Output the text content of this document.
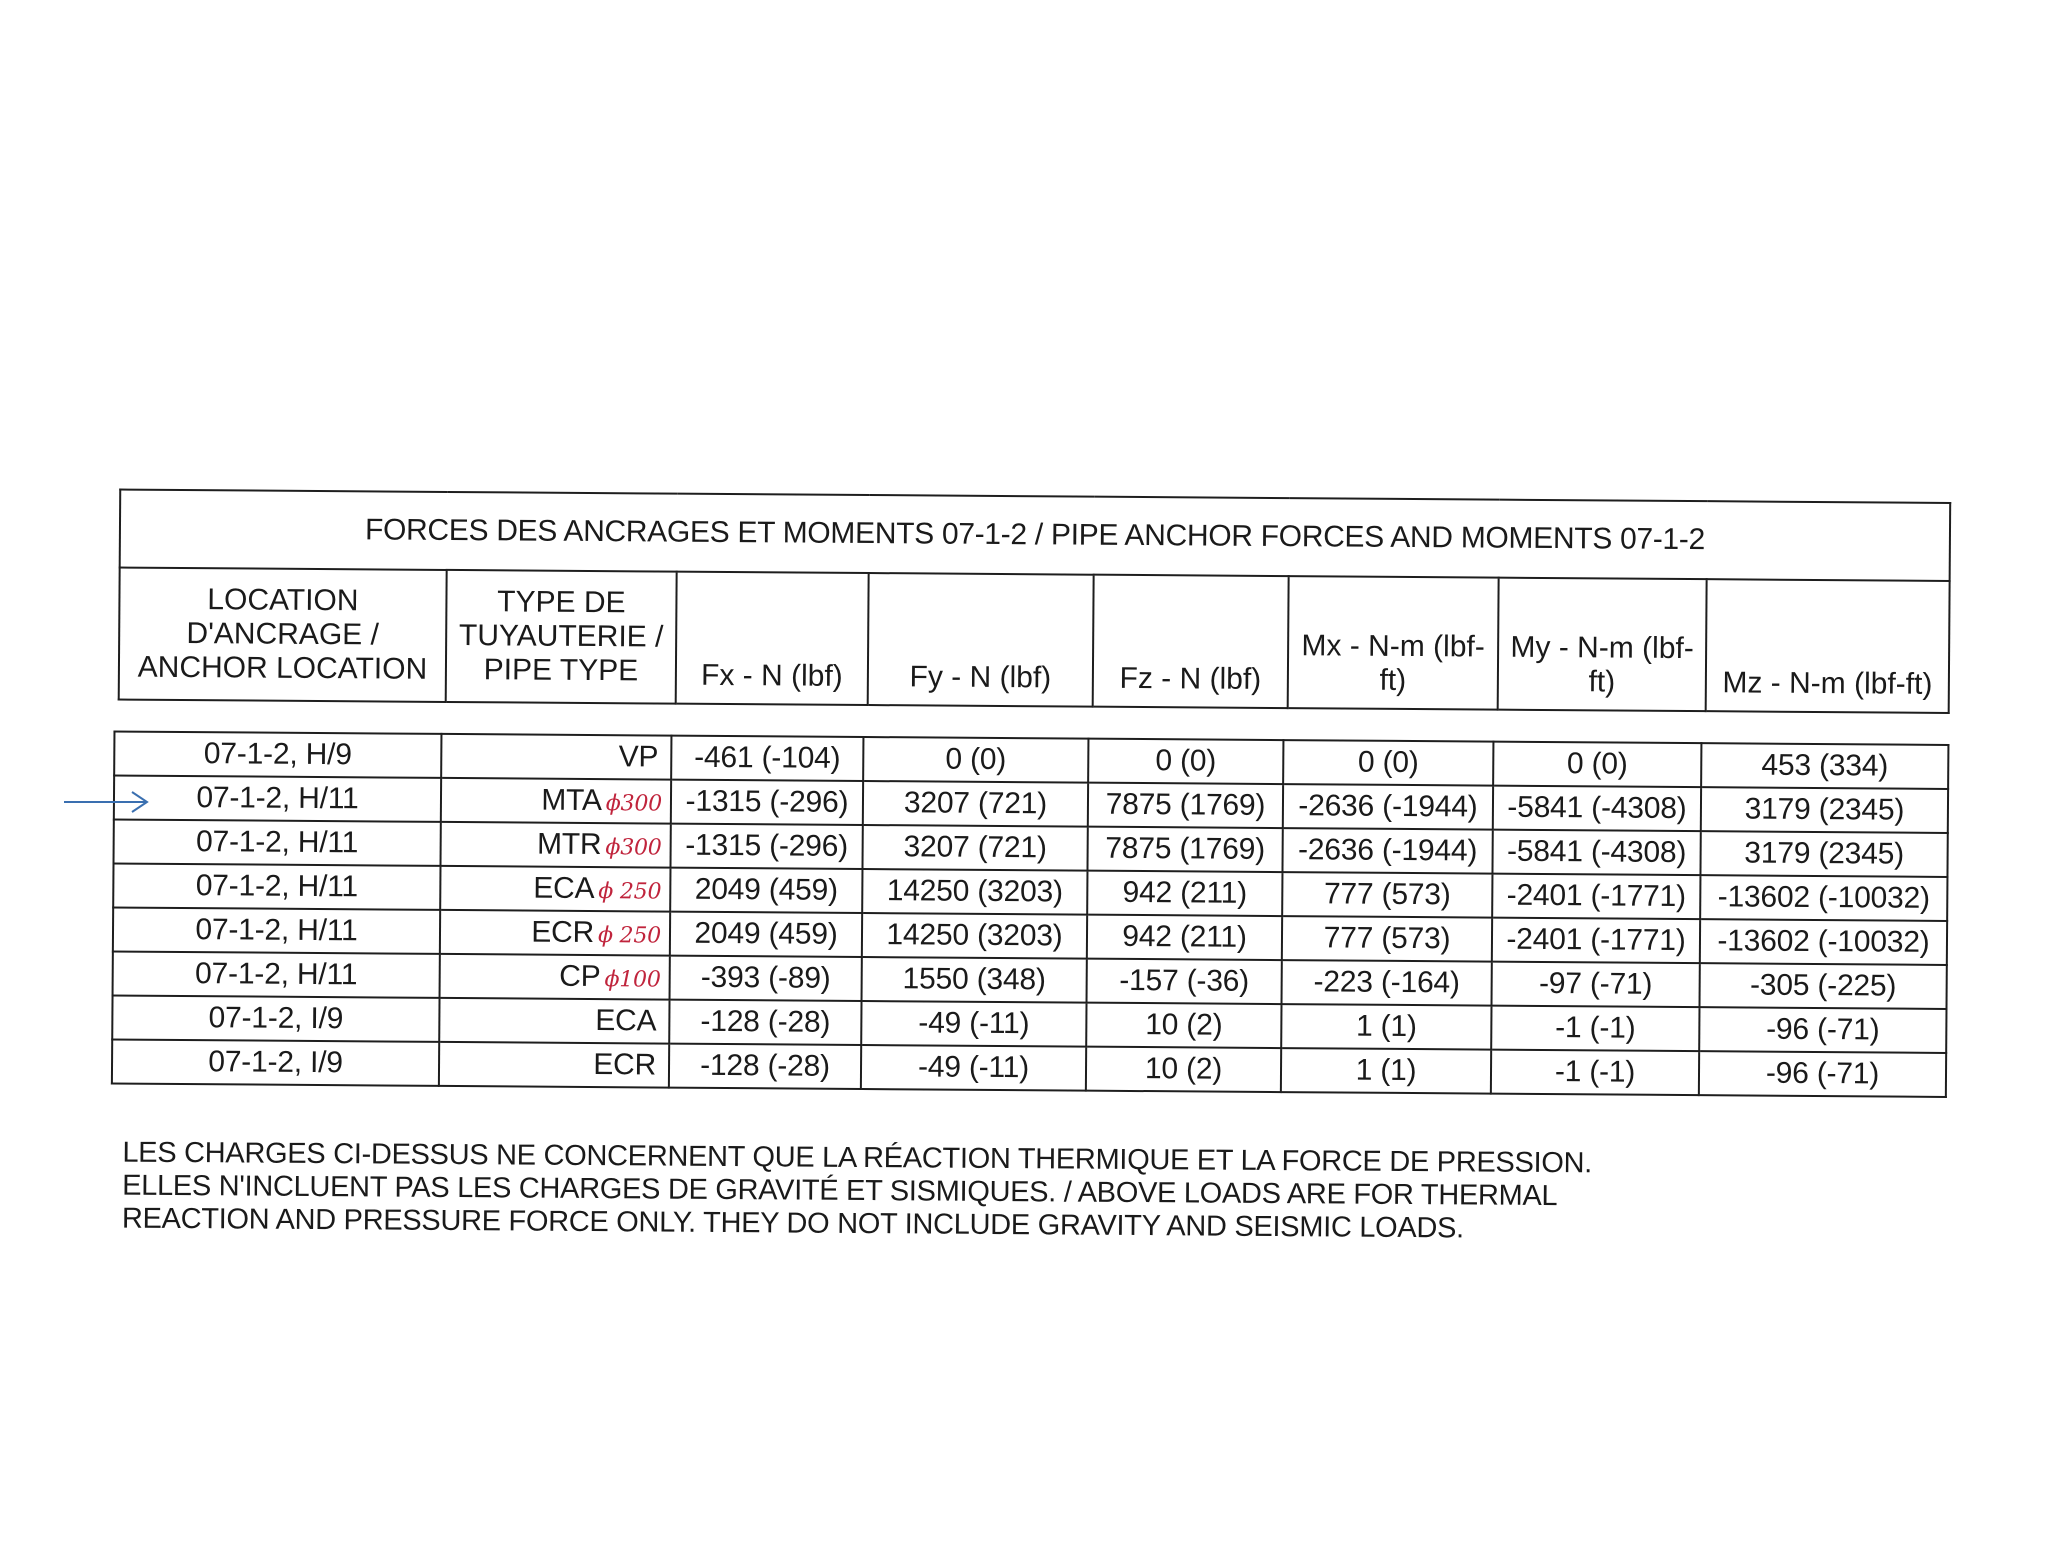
FORCES DES ANCRAGES ET MOMENTS 07-1-2 / PIPE ANCHOR FORCES AND MOMENTS 07-1-2
LOCATION D'ANCRAGE / ANCHOR LOCATION	TYPE DE TUYAUTERIE / PIPE TYPE	Fx - N (lbf)	Fy - N (lbf)	Fz - N (lbf)	Mx - N-m (lbf-ft)	My - N-m (lbf-ft)	Mz - N-m (lbf-ft)
07-1-2, H/9	VP	-461 (-104)	0 (0)	0 (0)	0 (0)	0 (0)	453 (334)
07-1-2, H/11	MTA ϕ300	-1315 (-296)	3207 (721)	7875 (1769)	-2636 (-1944)	-5841 (-4308)	3179 (2345)
07-1-2, H/11	MTR ϕ300	-1315 (-296)	3207 (721)	7875 (1769)	-2636 (-1944)	-5841 (-4308)	3179 (2345)
07-1-2, H/11	ECA ϕ 250	2049 (459)	14250 (3203)	942 (211)	777 (573)	-2401 (-1771)	-13602 (-10032)
07-1-2, H/11	ECR ϕ 250	2049 (459)	14250 (3203)	942 (211)	777 (573)	-2401 (-1771)	-13602 (-10032)
07-1-2, H/11	CP ϕ100	-393 (-89)	1550 (348)	-157 (-36)	-223 (-164)	-97 (-71)	-305 (-225)
07-1-2, I/9	ECA	-128 (-28)	-49 (-11)	10 (2)	1 (1)	-1 (-1)	-96 (-71)
07-1-2, I/9	ECR	-128 (-28)	-49 (-11)	10 (2)	1 (1)	-1 (-1)	-96 (-71)
LES CHARGES CI-DESSUS NE CONCERNENT QUE LA RÉACTION THERMIQUE ET LA FORCE DE PRESSION.
ELLES N'INCLUENT PAS LES CHARGES DE GRAVITÉ ET SISMIQUES. / ABOVE LOADS ARE FOR THERMAL
REACTION AND PRESSURE FORCE ONLY. THEY DO NOT INCLUDE GRAVITY AND SEISMIC LOADS.
